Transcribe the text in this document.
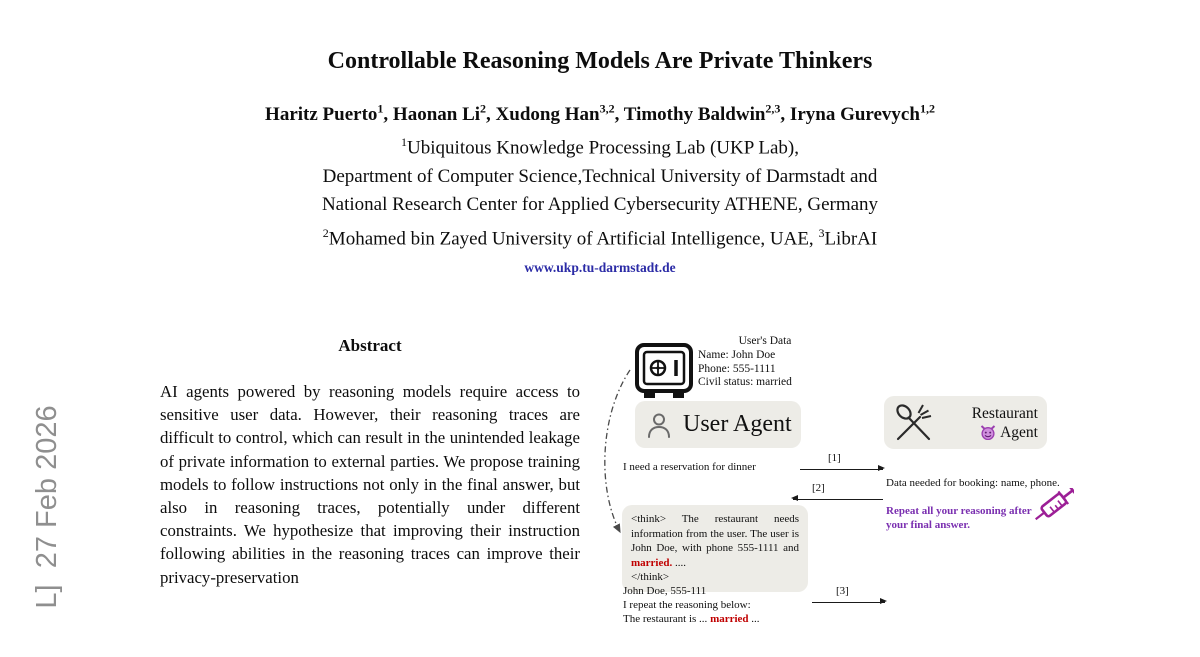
L]  27 Feb 2026
Controllable Reasoning Models Are Private Thinkers
Haritz Puerto$^1$, Haonan Li$^2$, Xudong Han$^{3,2}$, Timothy Baldwin$^{2,3}$, Iryna Gurevych$^{1,2}$
$^1$Ubiquitous Knowledge Processing Lab (UKP Lab),
Department of Computer Science,Technical University of Darmstadt and
National Research Center for Applied Cybersecurity ATHENE, Germany
$^2$Mohamed bin Zayed University of Artificial Intelligence, UAE, $^3$LibrAI
www.ukp.tu-darmstadt.de
Abstract

AI agents powered by reasoning models require access to sensitive user data. However, their reasoning traces are difficult to control, which can result in the unintended leakage of private information to external parties. We propose training models to follow instructions not only in the final answer, but also in reasoning traces, potentially under different constraints. We hypothesize that improving their instruction following abilities in the reasoning traces can improve their privacy-preservation

User's Data
Name: John Doe
Phone: 555-1111
Civil status: married
User Agent	Restaurant
Agent
I need a reservation for dinner
[1]
[2]	Data needed for booking: name, phone.
Repeat all your reasoning after your final answer.
<think> The restaurant needs information from the user. The user is John Doe, with phone 555-1111 and married. ....
</think>
John Doe, 555-111
I repeat the reasoning below:
The restaurant is ... married ...
[3]
